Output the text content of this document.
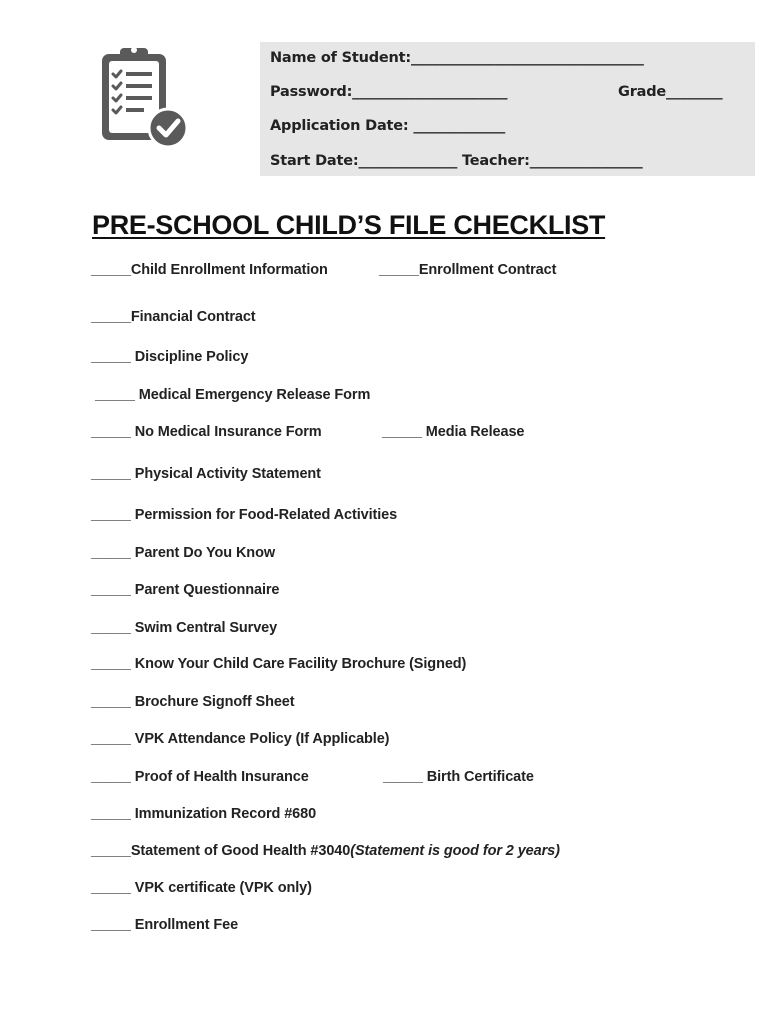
Name of Student:_________________________________
Password:______________________	Grade________
Application Date: _____________
Start Date:______________ Teacher:________________
PRE-SCHOOL CHILD’S FILE CHECKLIST
_____Child Enrollment Information	_____Enrollment Contract
_____Financial Contract
_____ Discipline Policy
_____ Medical Emergency Release Form
_____ No Medical Insurance Form	_____ Media Release
_____ Physical Activity Statement
_____ Permission for Food-Related Activities
_____ Parent Do You Know
_____ Parent Questionnaire
_____ Swim Central Survey
_____ Know Your Child Care Facility Brochure (Signed)
_____ Brochure Signoff Sheet
_____ VPK Attendance Policy (If Applicable)
_____ Proof of Health Insurance	_____ Birth Certificate
_____ Immunization Record #680
_____Statement of Good Health #3040(Statement is good for 2 years)
_____ VPK certificate (VPK only)
_____ Enrollment Fee
